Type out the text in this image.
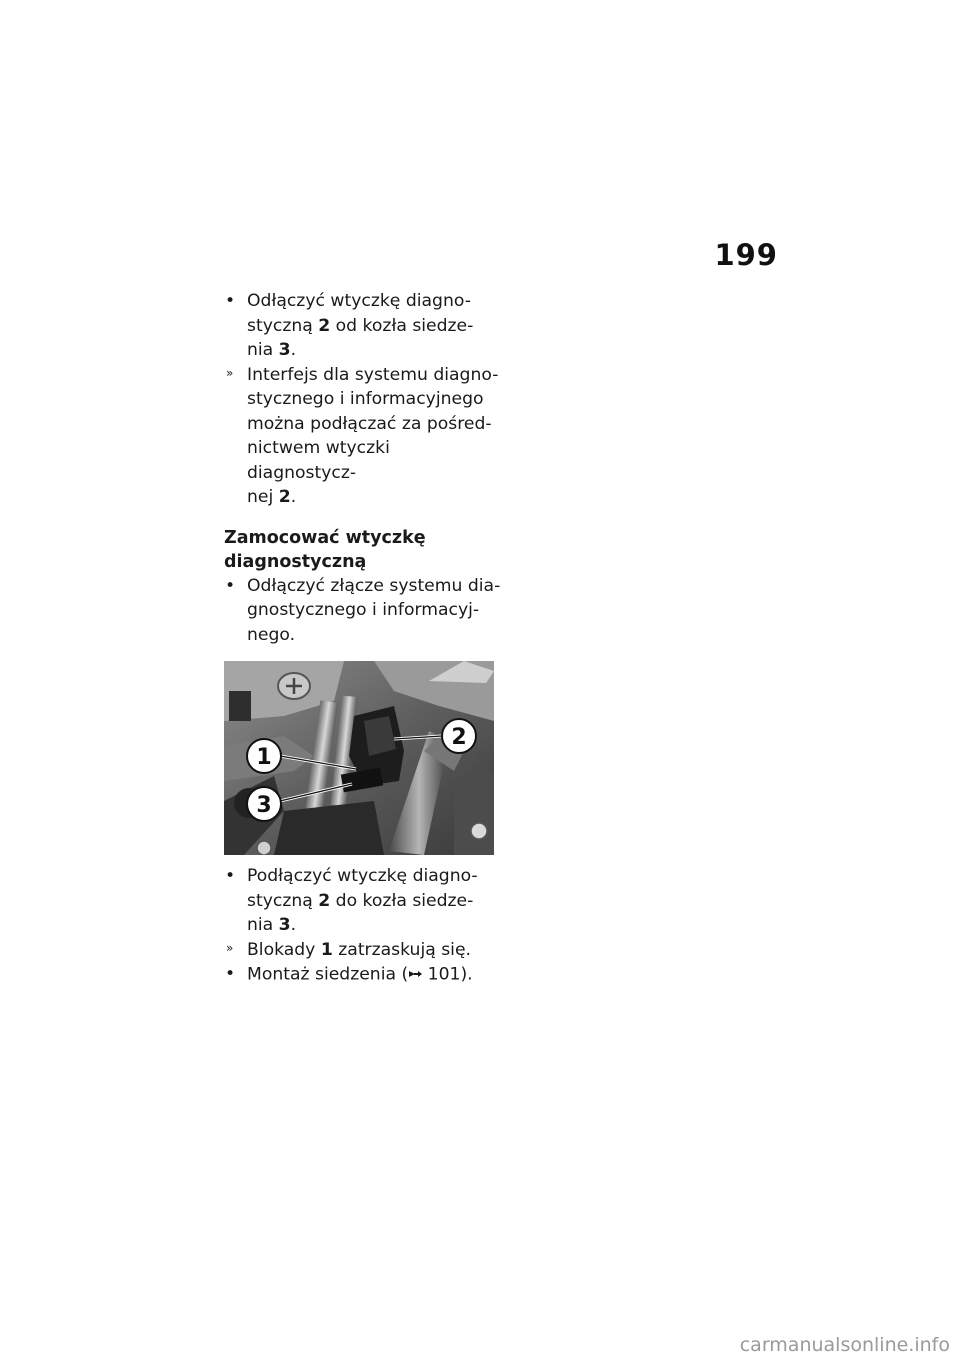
199
• Odłączyć wtyczkę diagno-
styczną 2 od kozła siedze-
nia 3.
» Interfejs dla systemu diagno-
stycznego i informacyjnego
można podłączać za pośred-
nictwem wtyczki diagnostycz-
nej 2.
Zamocować wtyczkę
diagnostyczną
• Odłączyć złącze systemu dia-
gnostycznego i informacyj-
nego.
1
2
3
• Podłączyć wtyczkę diagno-
styczną 2 do kozła siedze-
nia 3.
» Blokady 1 zatrzaskują się.
• Montaż siedzenia ( 101).
carmanualsonline.info
